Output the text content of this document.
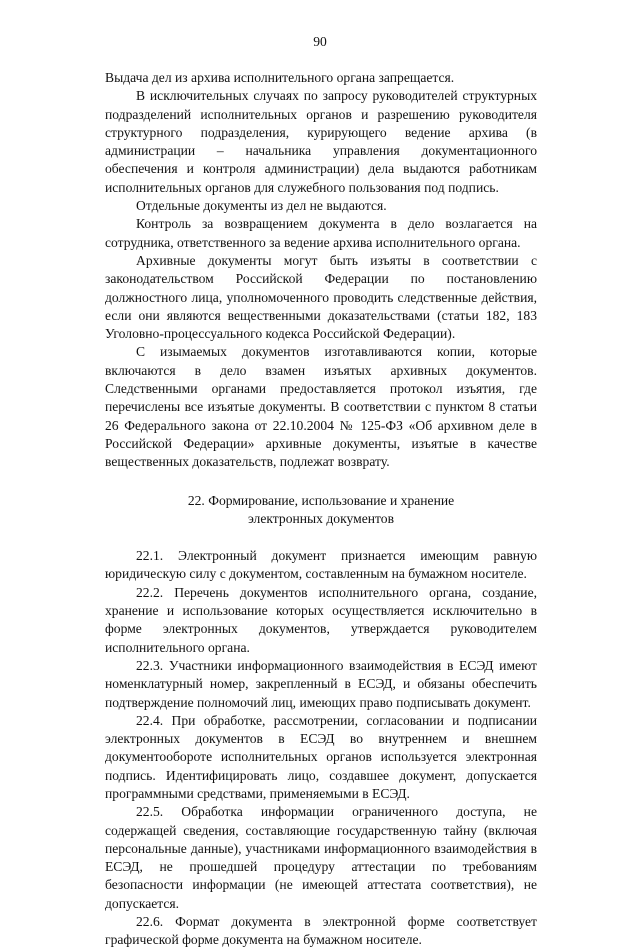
90

Выдача дел из архива исполнительного органа запрещается.

В исключительных случаях по запросу руководителей структурных подразделений исполнительных органов и разрешению руководителя структурного подразделения, курирующего ведение архива (в администрации – начальника управления документационного обеспечения и контроля администрации) дела выдаются работникам исполнительных органов для служебного пользования под подпись.

Отдельные документы из дел не выдаются.

Контроль за возвращением документа в дело возлагается на сотрудника, ответственного за ведение архива исполнительного органа.

Архивные документы могут быть изъяты в соответствии с законодательством Российской Федерации по постановлению должностного лица, уполномоченного проводить следственные действия, если они являются вещественными доказательствами (статьи 182, 183 Уголовно-процессуального кодекса Российской Федерации).

С изымаемых документов изготавливаются копии, которые включаются в дело взамен изъятых архивных документов. Следственными органами предоставляется протокол изъятия, где перечислены все изъятые документы. В соответствии с пунктом 8 статьи 26 Федерального закона от 22.10.2004 № 125-ФЗ «Об архивном деле в Российской Федерации» архивные документы, изъятые в качестве вещественных доказательств, подлежат возврату.

22. Формирование, использование и хранение
электронных документов

22.1. Электронный документ признается имеющим равную юридическую силу с документом, составленным на бумажном носителе.

22.2. Перечень документов исполнительного органа, создание, хранение и использование которых осуществляется исключительно в форме электронных документов, утверждается руководителем исполнительного органа.

22.3. Участники информационного взаимодействия в ЕСЭД имеют номенклатурный номер, закрепленный в ЕСЭД, и обязаны обеспечить подтверждение полномочий лиц, имеющих право подписывать документ.

22.4. При обработке, рассмотрении, согласовании и подписании электронных документов в ЕСЭД во внутреннем и внешнем документообороте исполнительных органов используется электронная подпись. Идентифицировать лицо, создавшее документ, допускается программными средствами, применяемыми в ЕСЭД.

22.5. Обработка информации ограниченного доступа, не содержащей сведения, составляющие государственную тайну (включая персональные данные), участниками информационного взаимодействия в ЕСЭД, не прошедшей процедуру аттестации по требованиям безопасности информации (не имеющей аттестата соответствия), не допускается.

22.6. Формат документа в электронной форме соответствует графической форме документа на бумажном носителе.
